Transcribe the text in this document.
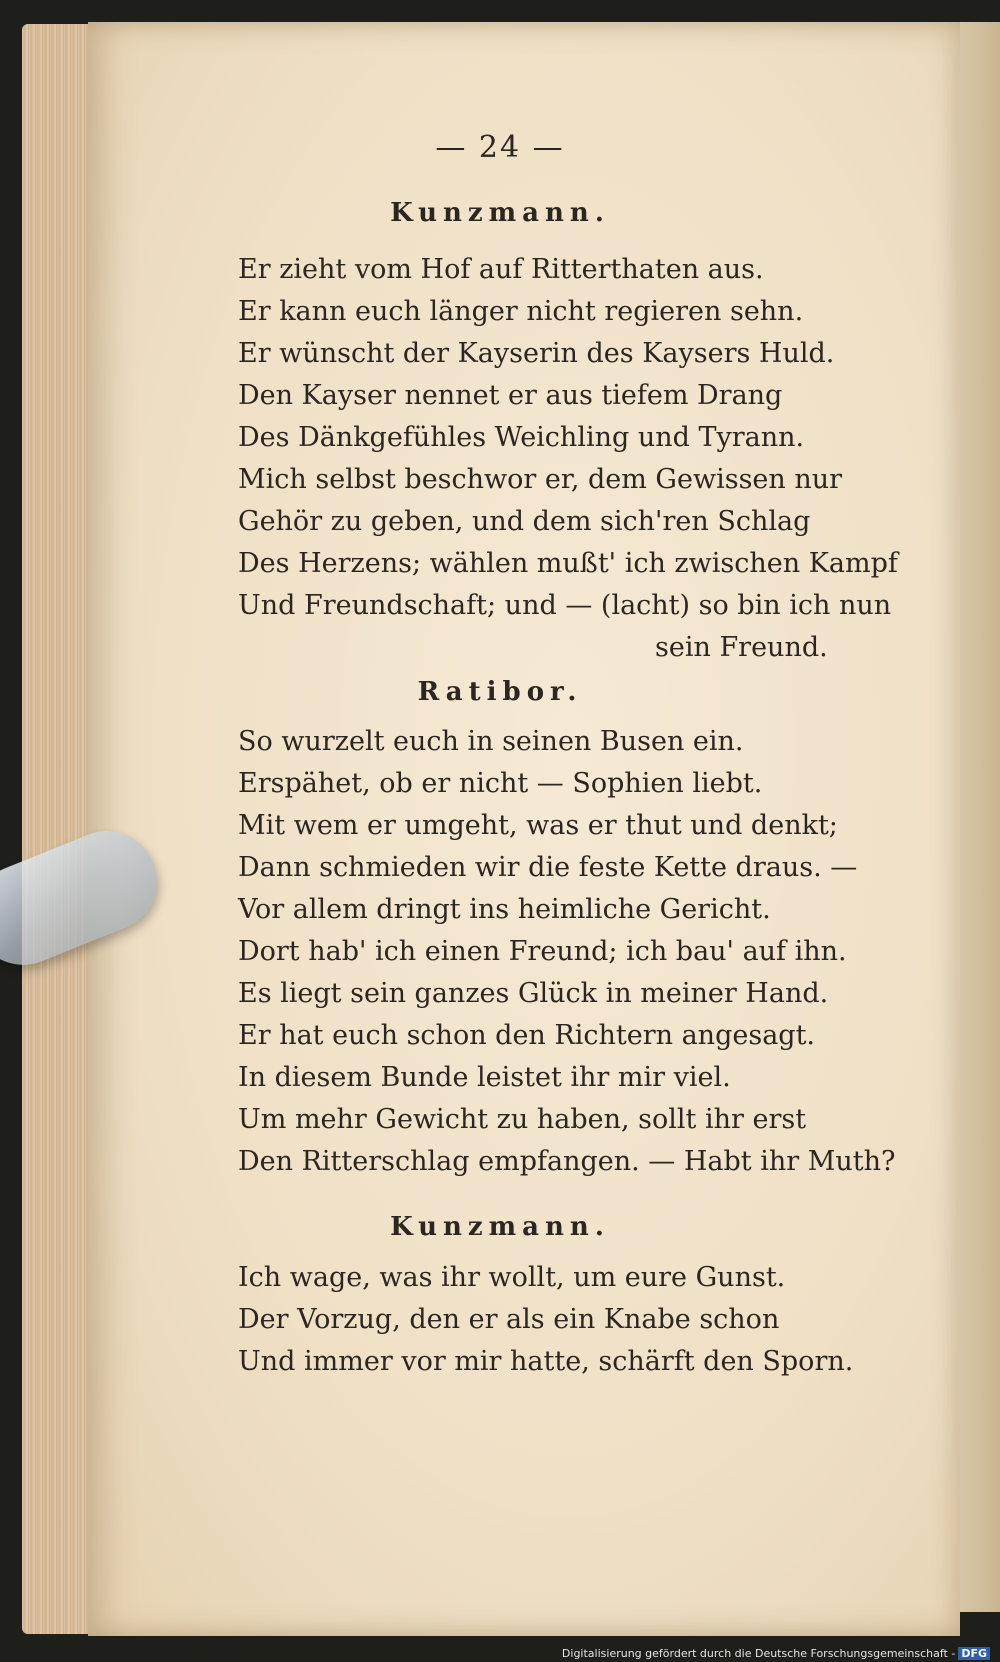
— 24 —
Kunzmann.
Er zieht vom Hof auf Ritterthaten aus.
Er kann euch länger nicht regieren sehn.
Er wünscht der Kayserin des Kaysers Huld.
Den Kayser nennet er aus tiefem Drang
Des Dänkgefühles Weichling und Tyrann.
Mich selbst beschwor er, dem Gewissen nur
Gehör zu geben, und dem sich'ren Schlag
Des Herzens; wählen mußt' ich zwischen Kampf
Und Freundschaft; und — (lacht) so bin ich nun
sein Freund.
Ratibor.
So wurzelt euch in seinen Busen ein.
Erspähet, ob er nicht — Sophien liebt.
Mit wem er umgeht, was er thut und denkt;
Dann schmieden wir die feste Kette draus. —
Vor allem dringt ins heimliche Gericht.
Dort hab' ich einen Freund; ich bau' auf ihn.
Es liegt sein ganzes Glück in meiner Hand.
Er hat euch schon den Richtern angesagt.
In diesem Bunde leistet ihr mir viel.
Um mehr Gewicht zu haben, sollt ihr erst
Den Ritterschlag empfangen. — Habt ihr Muth?
Kunzmann.
Ich wage, was ihr wollt, um eure Gunst.
Der Vorzug, den er als ein Knabe schon
Und immer vor mir hatte, schärft den Sporn.
Digitalisierung gefördert durch die Deutsche Forschungsgemeinschaft - DFG
